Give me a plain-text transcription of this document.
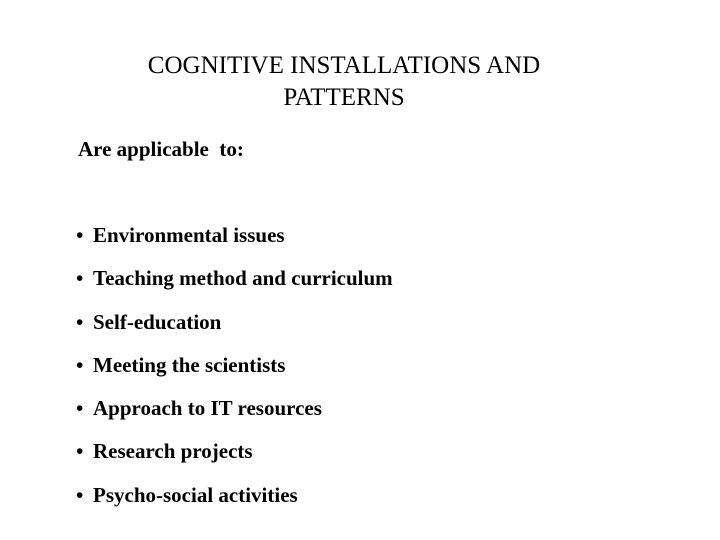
COGNITIVE INSTALLATIONS AND
PATTERNS
Are applicable  to:
• Environmental issues
• Teaching method and curriculum
• Self-education
• Meeting the scientists
• Approach to IT resources
• Research projects
• Psycho-social activities
